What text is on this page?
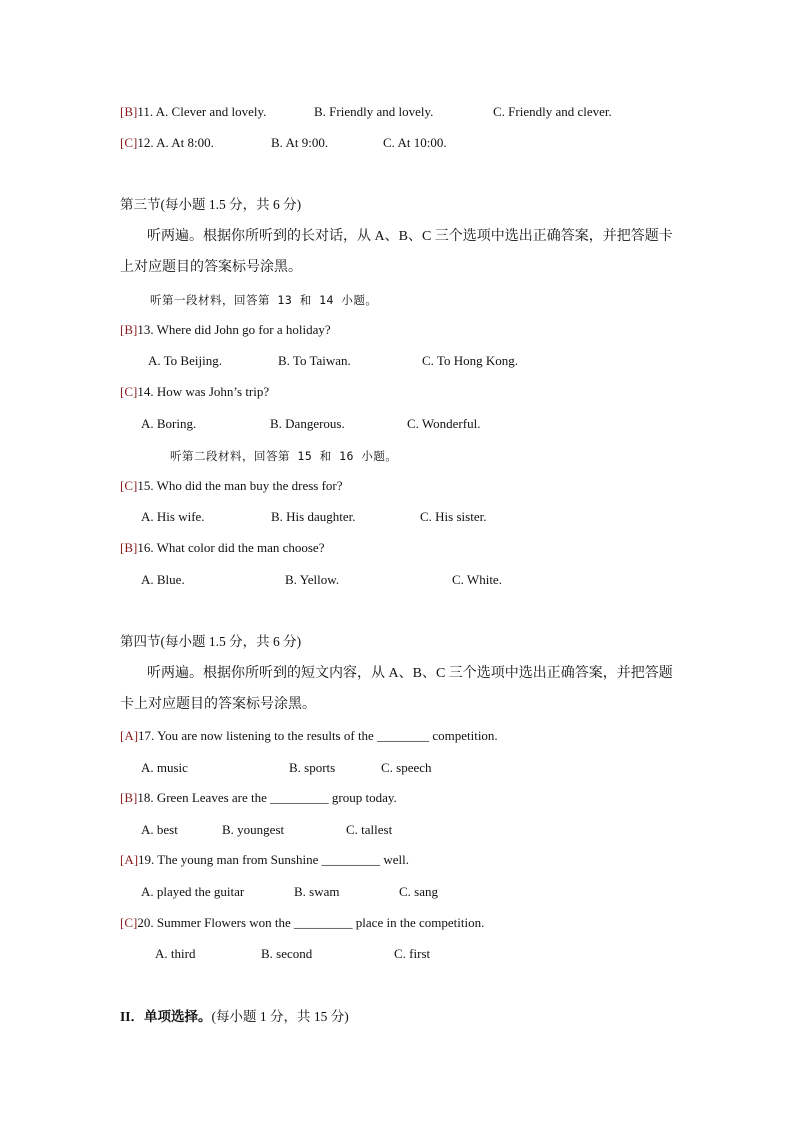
[B]11. A. Clever and lovely.	B. Friendly and lovely.	C. Friendly and clever.
[C]12. A. At 8:00.	B. At 9:00.	C. At 10:00.
第三节(每小题 1.5 分，共 6 分)
听两遍。根据你所听到的长对话，从 A、B、C 三个选项中选出正确答案，并把答题卡
上对应题目的答案标号涂黑。
听第一段材料，回答第 13 和 14 小题。
[B]13. Where did John go for a holiday?
A. To Beijing.	B. To Taiwan.	C. To Hong Kong.
[C]14. How was John’s trip?
A. Boring.	B. Dangerous.	C. Wonderful.
听第二段材料，回答第 15 和 16 小题。
[C]15. Who did the man buy the dress for?
A. His wife.	B. His daughter.	C. His sister.
[B]16. What color did the man choose?
A. Blue.	B. Yellow.	C. White.
第四节(每小题 1.5 分，共 6 分)
听两遍。根据你所听到的短文内容，从 A、B、C 三个选项中选出正确答案，并把答题
卡上对应题目的答案标号涂黑。
[A]17. You are now listening to the results of the ________ competition.
A. music	B. sports	C. speech
[B]18. Green Leaves are the _________ group today.
A. best	B. youngest	C. tallest
[A]19. The young man from Sunshine _________ well.
A. played the guitar	B. swam	C. sang
[C]20. Summer Flowers won the _________ place in the competition.
A. third	B. second	C. first
II．单项选择。(每小题 1 分，共 15 分)
